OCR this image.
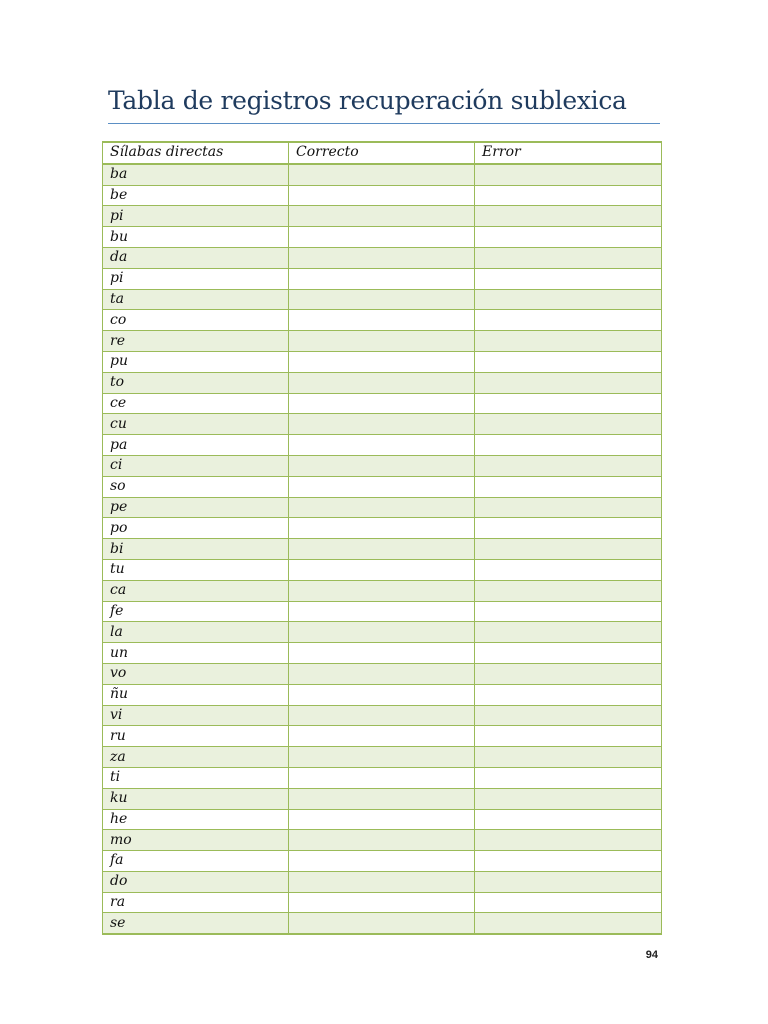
Tabla de registros recuperación sublexica
Sílabas directas	Correcto	Error
ba		
be		
pi		
bu		
da		
pi		
ta		
co		
re		
pu		
to		
ce		
cu		
pa		
ci		
so		
pe		
po		
bi		
tu		
ca		
fe		
la		
un		
vo		
ñu		
vi		
ru		
za		
ti		
ku		
he		
mo		
fa		
do		
ra		
se		
94
